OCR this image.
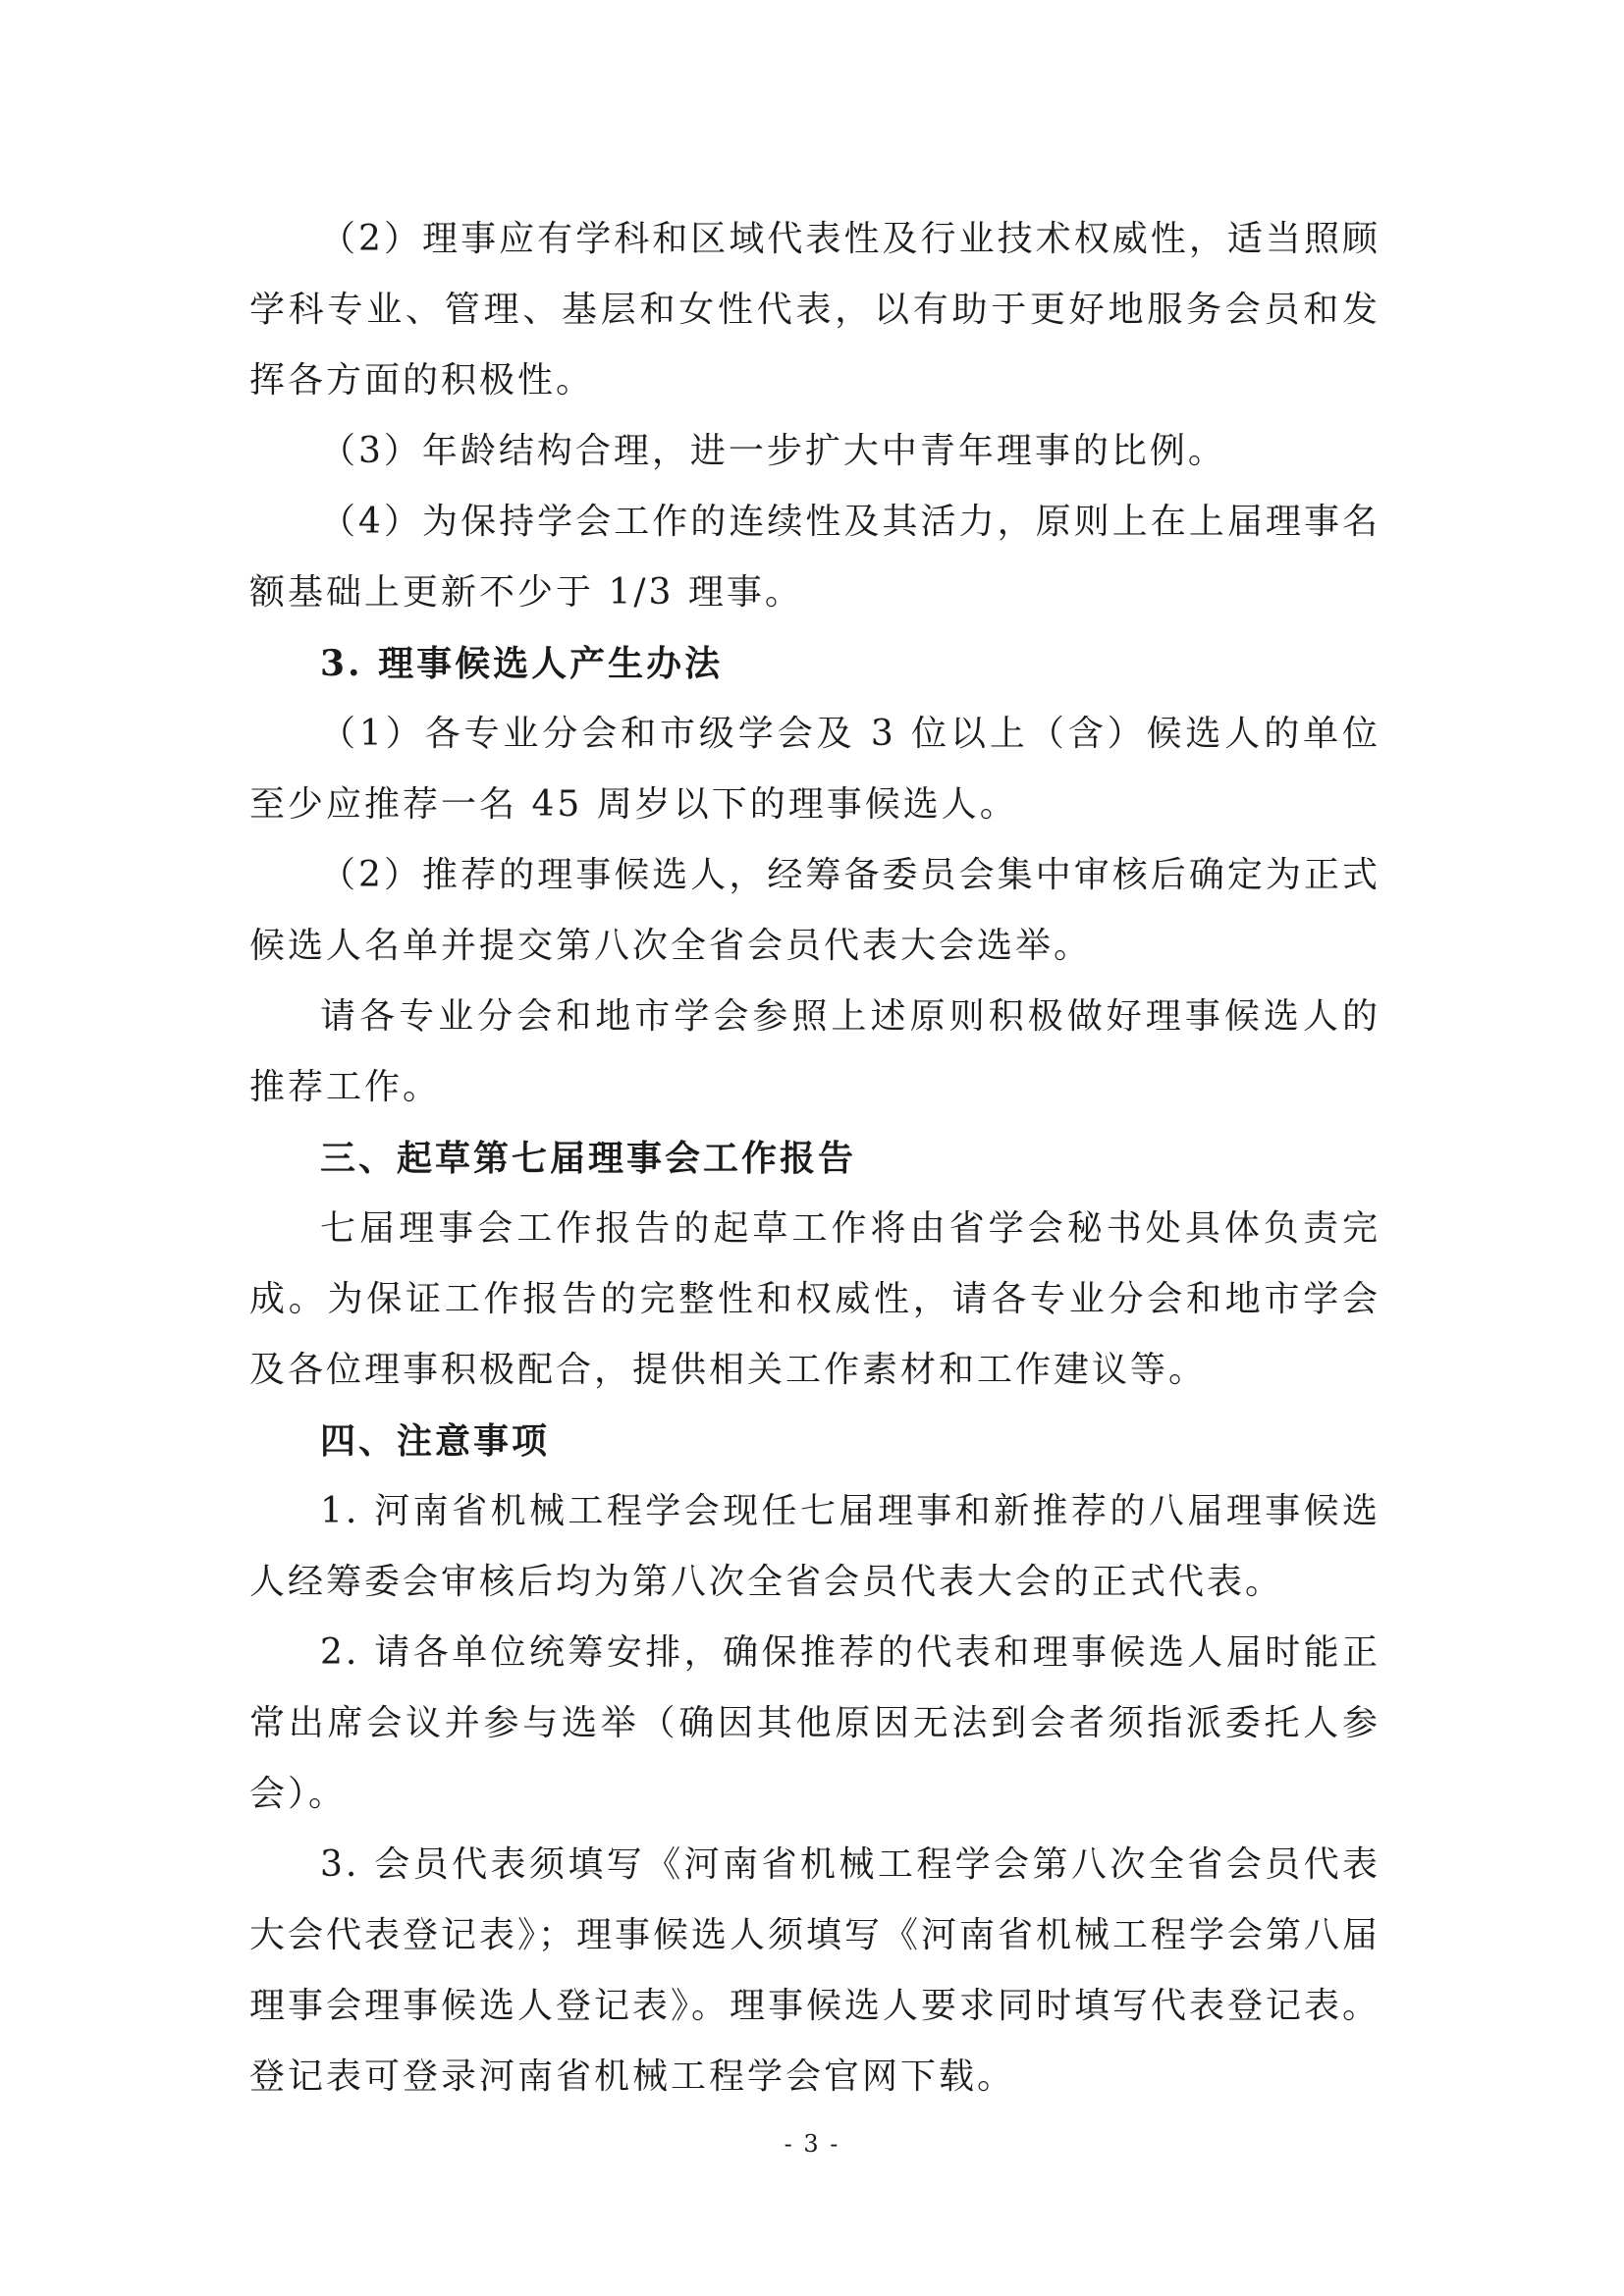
（2）理事应有学科和区域代表性及行业技术权威性，适当照顾学科专业、管理、基层和女性代表，以有助于更好地服务会员和发挥各方面的积极性。

（3）年龄结构合理，进一步扩大中青年理事的比例。

（4）为保持学会工作的连续性及其活力，原则上在上届理事名额基础上更新不少于 1/3 理事。

3. 理事候选人产生办法

（1）各专业分会和市级学会及 3 位以上（含）候选人的单位至少应推荐一名 45 周岁以下的理事候选人。

（2）推荐的理事候选人，经筹备委员会集中审核后确定为正式候选人名单并提交第八次全省会员代表大会选举。

请各专业分会和地市学会参照上述原则积极做好理事候选人的推荐工作。

三、起草第七届理事会工作报告

七届理事会工作报告的起草工作将由省学会秘书处具体负责完成。为保证工作报告的完整性和权威性，请各专业分会和地市学会及各位理事积极配合，提供相关工作素材和工作建议等。

四、注意事项

1. 河南省机械工程学会现任七届理事和新推荐的八届理事候选人经筹委会审核后均为第八次全省会员代表大会的正式代表。

2. 请各单位统筹安排，确保推荐的代表和理事候选人届时能正常出席会议并参与选举（确因其他原因无法到会者须指派委托人参会）。

3. 会员代表须填写《河南省机械工程学会第八次全省会员代表大会代表登记表》；理事候选人须填写《河南省机械工程学会第八届理事会理事候选人登记表》。理事候选人要求同时填写代表登记表。登记表可登录河南省机械工程学会官网下载。

- 3 -
